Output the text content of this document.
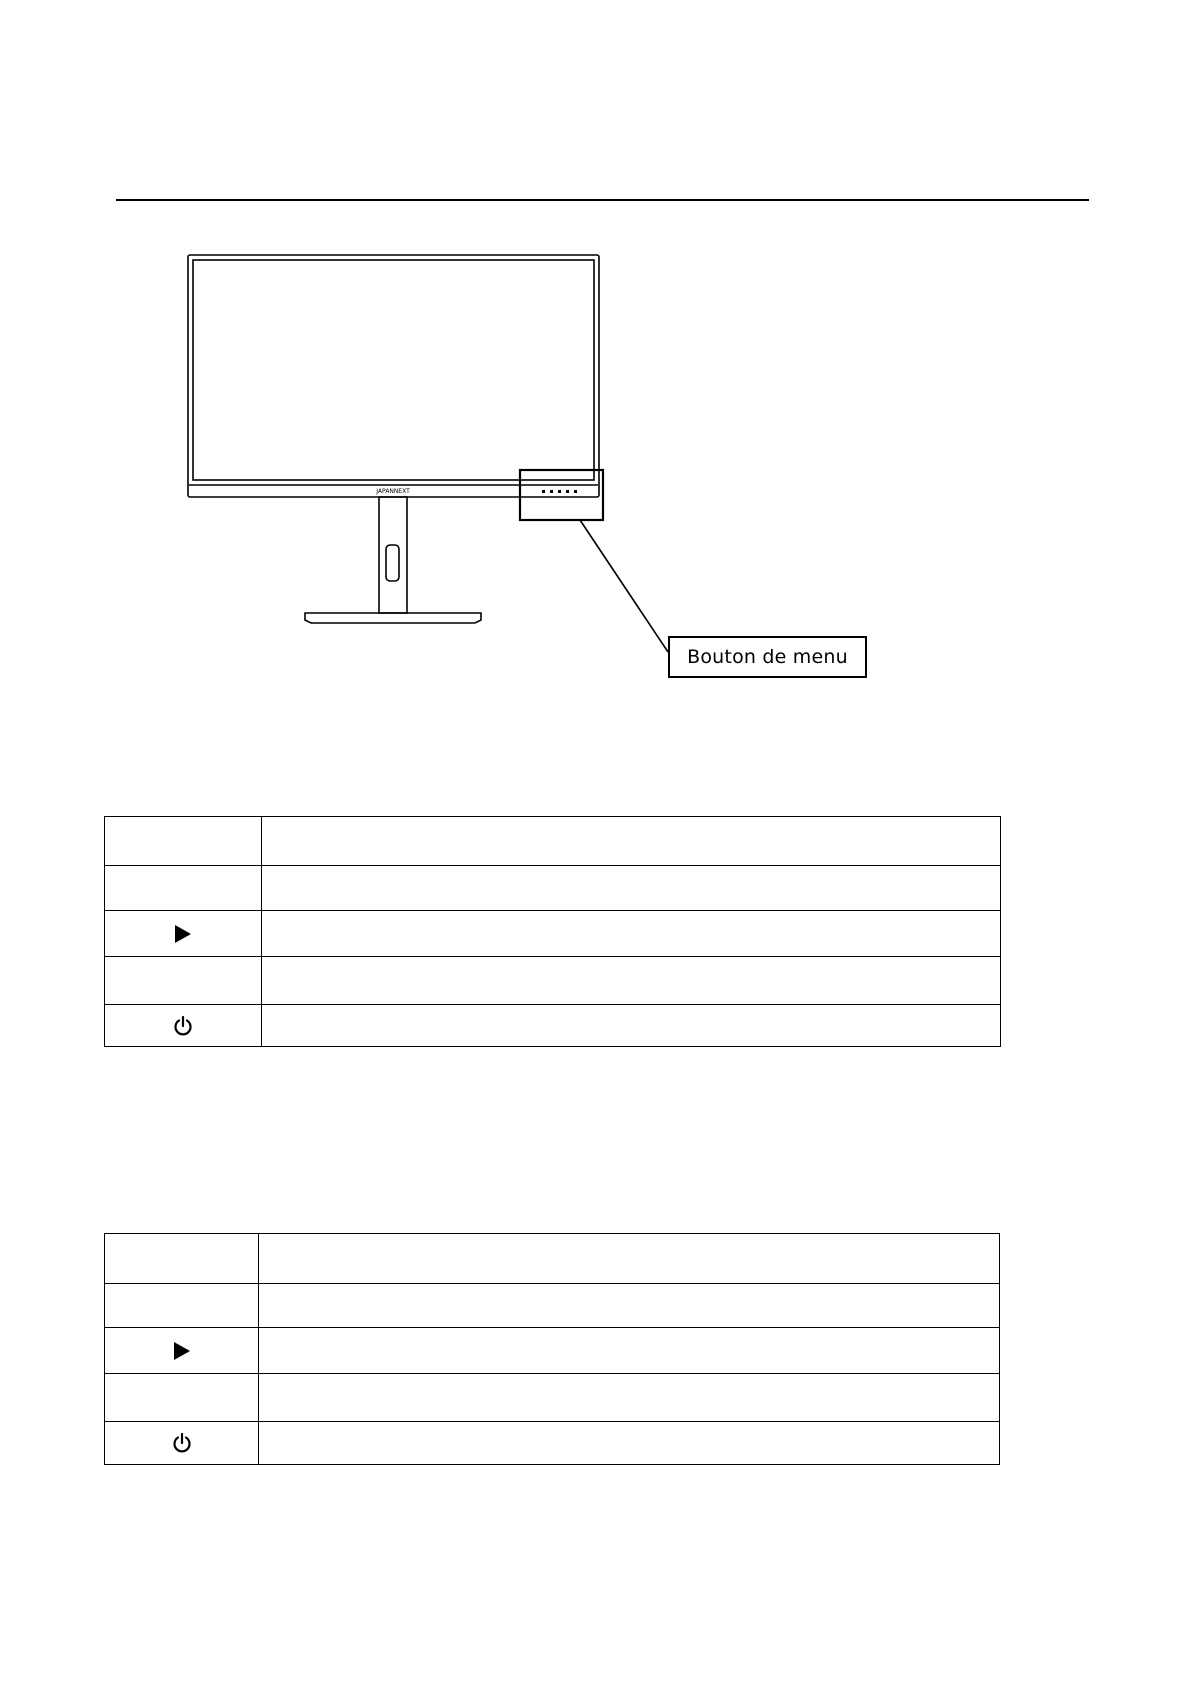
JAPANNEXT
Bouton de menu
